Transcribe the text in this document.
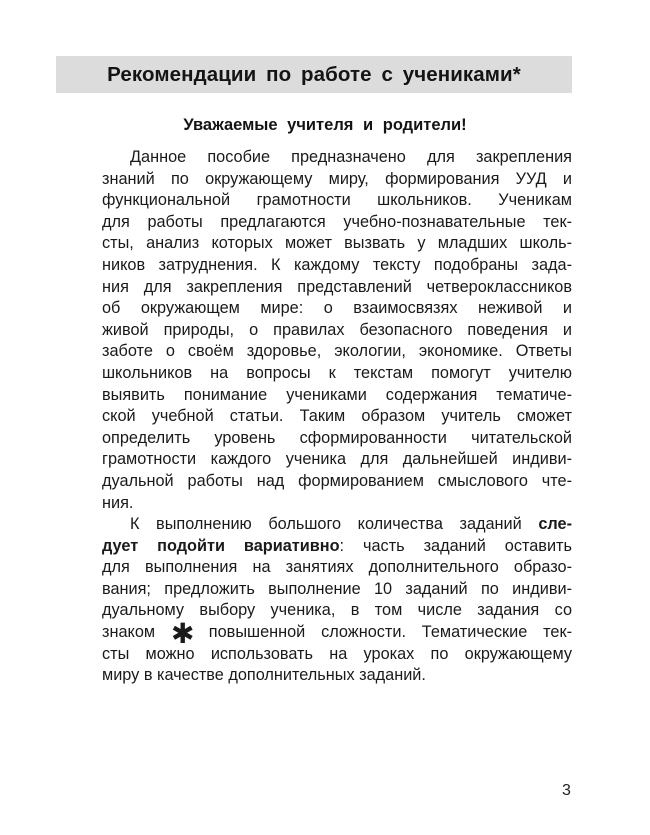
Рекомендации по работе с учениками*
Уважаемые учителя и родители!
Данное пособие предназначено для закрепления
знаний по окружающему миру, формирования УУД и
функциональной грамотности школьников. Ученикам
для работы предлагаются учебно-познавательные тек-
сты, анализ которых может вызвать у младших школь-
ников затруднения. К каждому тексту подобраны зада-
ния для закрепления представлений четвероклассников
об окружающем мире: о взаимосвязях неживой и
живой природы, о правилах безопасного поведения и
заботе о своём здоровье, экологии, экономике. Ответы
школьников на вопросы к текстам помогут учителю
выявить понимание учениками содержания тематиче-
ской учебной статьи. Таким образом учитель сможет
определить уровень сформированности читательской
грамотности каждого ученика для дальнейшей индиви-
дуальной работы над формированием смыслового чте-
ния.
К выполнению большого количества заданий сле-
дует подойти вариативно: часть заданий оставить
для выполнения на занятиях дополнительного образо-
вания; предложить выполнение 10 заданий по индиви-
дуальному выбору ученика, в том числе задания со
знаком ✱ повышенной сложности. Тематические тек-
сты можно использовать на уроках по окружающему
миру в качестве дополнительных заданий.
3
